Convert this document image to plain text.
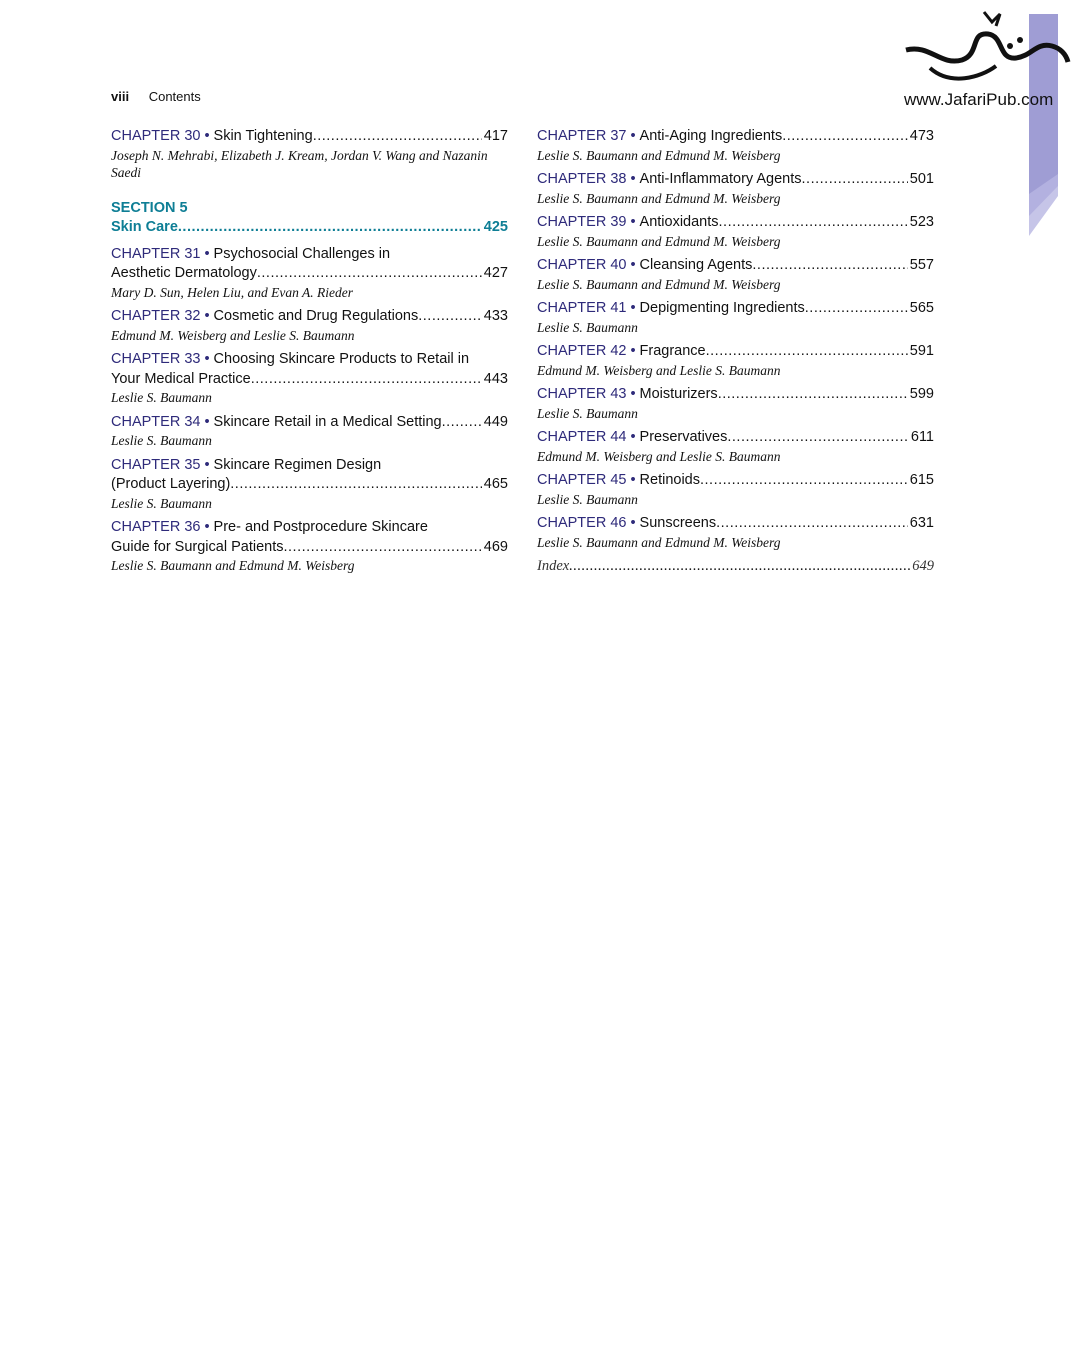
viii Contents	www.JafariPub.com
CHAPTER 30 • Skin Tightening .....	417
Joseph N. Mehrabi, Elizabeth J. Kream, Jordan V. Wang and Nazanin Saedi
SECTION 5
Skin Care .....	425
CHAPTER 31 • Psychosocial Challenges in
Aesthetic Dermatology .....	427
Mary D. Sun, Helen Liu, and Evan A. Rieder
CHAPTER 32 • Cosmetic and Drug Regulations .....	433
Edmund M. Weisberg and Leslie S. Baumann
CHAPTER 33 • Choosing Skincare Products to Retail in
Your Medical Practice .....	443
Leslie S. Baumann
CHAPTER 34 • Skincare Retail in a Medical Setting .....	449
Leslie S. Baumann
CHAPTER 35 • Skincare Regimen Design
(Product Layering) .....	465
Leslie S. Baumann
CHAPTER 36 • Pre- and Postprocedure Skincare
Guide for Surgical Patients .....	469
Leslie S. Baumann and Edmund M. Weisberg
CHAPTER 37 • Anti-Aging Ingredients .....	473
Leslie S. Baumann and Edmund M. Weisberg
CHAPTER 38 • Anti-Inflammatory Agents .....	501
Leslie S. Baumann and Edmund M. Weisberg
CHAPTER 39 • Antioxidants .....	523
Leslie S. Baumann and Edmund M. Weisberg
CHAPTER 40 • Cleansing Agents .....	557
Leslie S. Baumann and Edmund M. Weisberg
CHAPTER 41 • Depigmenting Ingredients .....	565
Leslie S. Baumann
CHAPTER 42 • Fragrance .....	591
Edmund M. Weisberg and Leslie S. Baumann
CHAPTER 43 • Moisturizers .....	599
Leslie S. Baumann
CHAPTER 44 • Preservatives .....	611
Edmund M. Weisberg and Leslie S. Baumann
CHAPTER 45 • Retinoids .....	615
Leslie S. Baumann
CHAPTER 46 • Sunscreens .....	631
Leslie S. Baumann and Edmund M. Weisberg
Index .....	649
